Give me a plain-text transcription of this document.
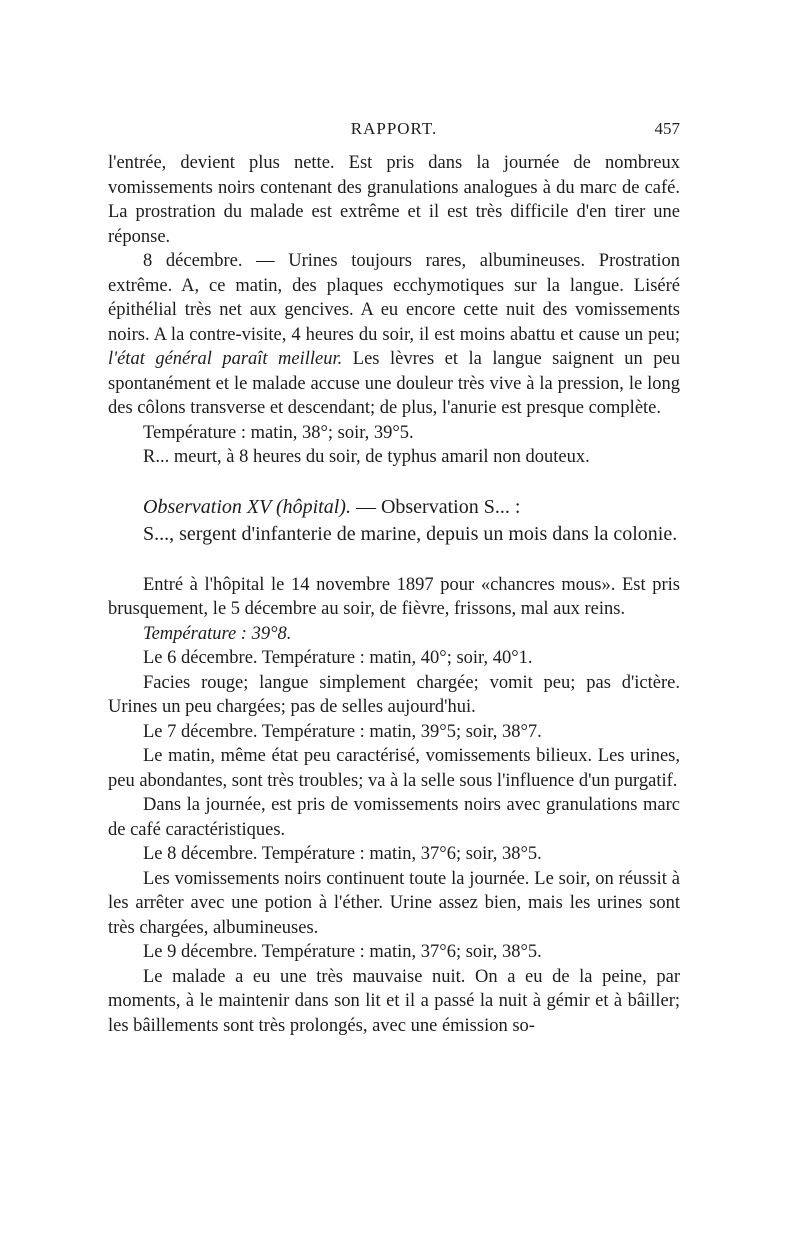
RAPPORT.	457

l'entrée, devient plus nette. Est pris dans la journée de nombreux vomissements noirs contenant des granulations analogues à du marc de café. La prostration du malade est extrême et il est très difficile d'en tirer une réponse.

8 décembre. — Urines toujours rares, albumineuses. Prostration extrême. A, ce matin, des plaques ecchymotiques sur la langue. Liséré épithélial très net aux gencives. A eu encore cette nuit des vomissements noirs. A la contre-visite, 4 heures du soir, il est moins abattu et cause un peu; l'état général paraît meilleur. Les lèvres et la langue saignent un peu spontanément et le malade accuse une douleur très vive à la pression, le long des côlons transverse et descendant; de plus, l'anurie est presque complète.

Température : matin, 38°; soir, 39°5.

R... meurt, à 8 heures du soir, de typhus amaril non douteux.

Observation XV (hôpital). — Observation S... :

S..., sergent d'infanterie de marine, depuis un mois dans la colonie.

Entré à l'hôpital le 14 novembre 1897 pour «chancres mous». Est pris brusquement, le 5 décembre au soir, de fièvre, frissons, mal aux reins.

Température : 39°8.

Le 6 décembre. Température : matin, 40°; soir, 40°1.

Facies rouge; langue simplement chargée; vomit peu; pas d'ictère. Urines un peu chargées; pas de selles aujourd'hui.

Le 7 décembre. Température : matin, 39°5; soir, 38°7.

Le matin, même état peu caractérisé, vomissements bilieux. Les urines, peu abondantes, sont très troubles; va à la selle sous l'influence d'un purgatif.

Dans la journée, est pris de vomissements noirs avec granulations marc de café caractéristiques.

Le 8 décembre. Température : matin, 37°6; soir, 38°5.

Les vomissements noirs continuent toute la journée. Le soir, on réussit à les arrêter avec une potion à l'éther. Urine assez bien, mais les urines sont très chargées, albumineuses.

Le 9 décembre. Température : matin, 37°6; soir, 38°5.

Le malade a eu une très mauvaise nuit. On a eu de la peine, par moments, à le maintenir dans son lit et il a passé la nuit à gémir et à bâiller; les bâillements sont très prolongés, avec une émission so-
